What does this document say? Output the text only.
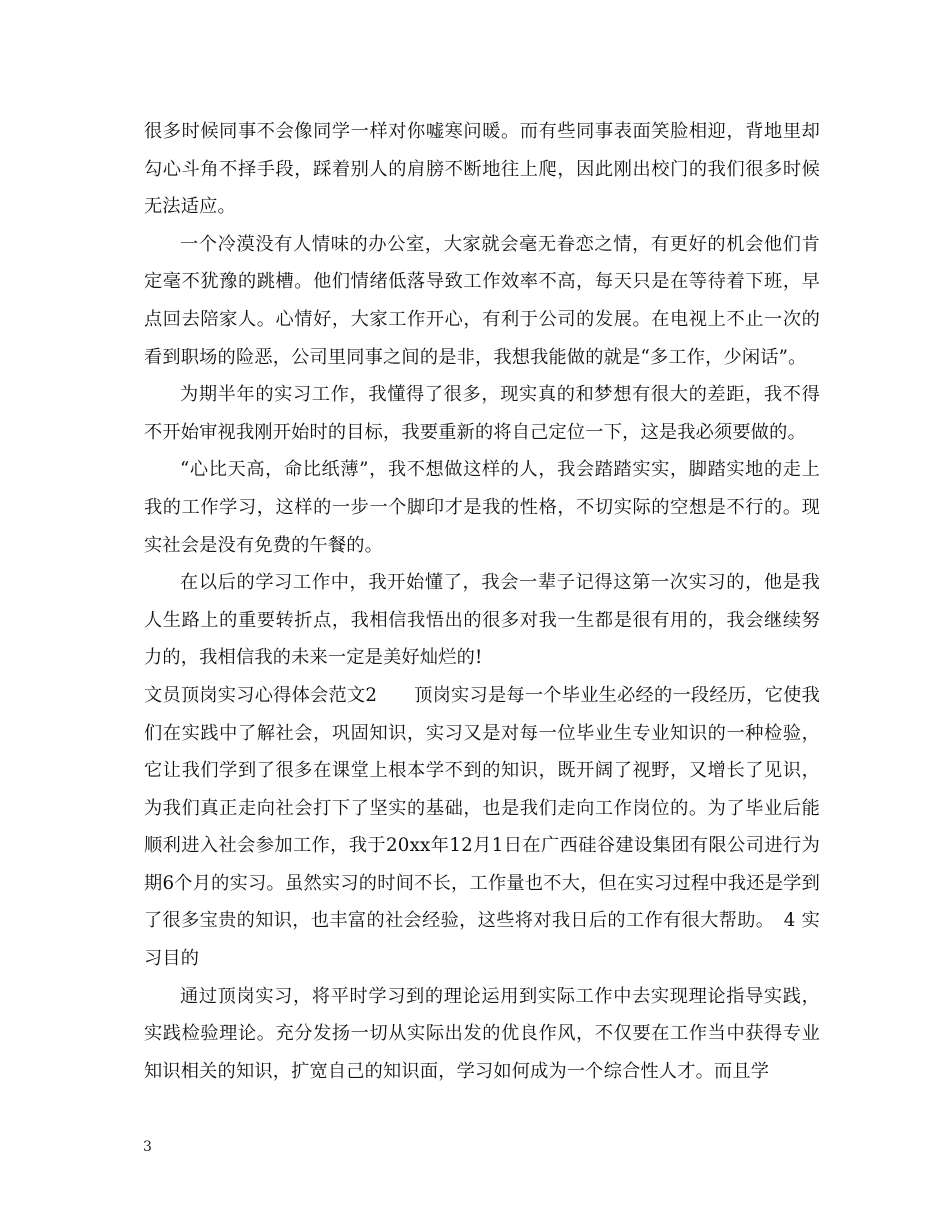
很多时候同事不会像同学一样对你嘘寒问暖。而有些同事表面笑脸相迎，背地里却勾心斗角不择手段，踩着别人的肩膀不断地往上爬，因此刚出校门的我们很多时候无法适应。

一个冷漠没有人情味的办公室，大家就会毫无眷恋之情，有更好的机会他们肯定毫不犹豫的跳槽。他们情绪低落导致工作效率不高，每天只是在等待着下班，早点回去陪家人。心情好，大家工作开心，有利于公司的发展。在电视上不止一次的看到职场的险恶，公司里同事之间的是非，我想我能做的就是“多工作，少闲话”。

为期半年的实习工作，我懂得了很多，现实真的和梦想有很大的差距，我不得不开始审视我刚开始时的目标，我要重新的将自己定位一下，这是我必须要做的。

“心比天高，命比纸薄”，我不想做这样的人，我会踏踏实实，脚踏实地的走上我的工作学习，这样的一步一个脚印才是我的性格，不切实际的空想是不行的。现实社会是没有免费的午餐的。

在以后的学习工作中，我开始懂了，我会一辈子记得这第一次实习的，他是我人生路上的重要转折点，我相信我悟出的很多对我一生都是很有用的，我会继续努力的，我相信我的未来一定是美好灿烂的!

文员顶岗实习心得体会范文2　　顶岗实习是每一个毕业生必经的一段经历，它使我们在实践中了解社会，巩固知识，实习又是对每一位毕业生专业知识的一种检验，它让我们学到了很多在课堂上根本学不到的知识，既开阔了视野，又增长了见识，为我们真正走向社会打下了坚实的基础，也是我们走向工作岗位的。为了毕业后能顺利进入社会参加工作，我于20xx年12月1日在广西硅谷建设集团有限公司进行为期6个月的实习。虽然实习的时间不长，工作量也不大，但在实习过程中我还是学到了很多宝贵的知识，也丰富的社会经验，这些将对我日后的工作有很大帮助。　4 实习目的

通过顶岗实习，将平时学习到的理论运用到实际工作中去实现理论指导实践，实践检验理论。充分发扬一切从实际出发的优良作风，不仅要在工作当中获得专业知识相关的知识，扩宽自己的知识面，学习如何成为一个综合性人才。而且学

3
